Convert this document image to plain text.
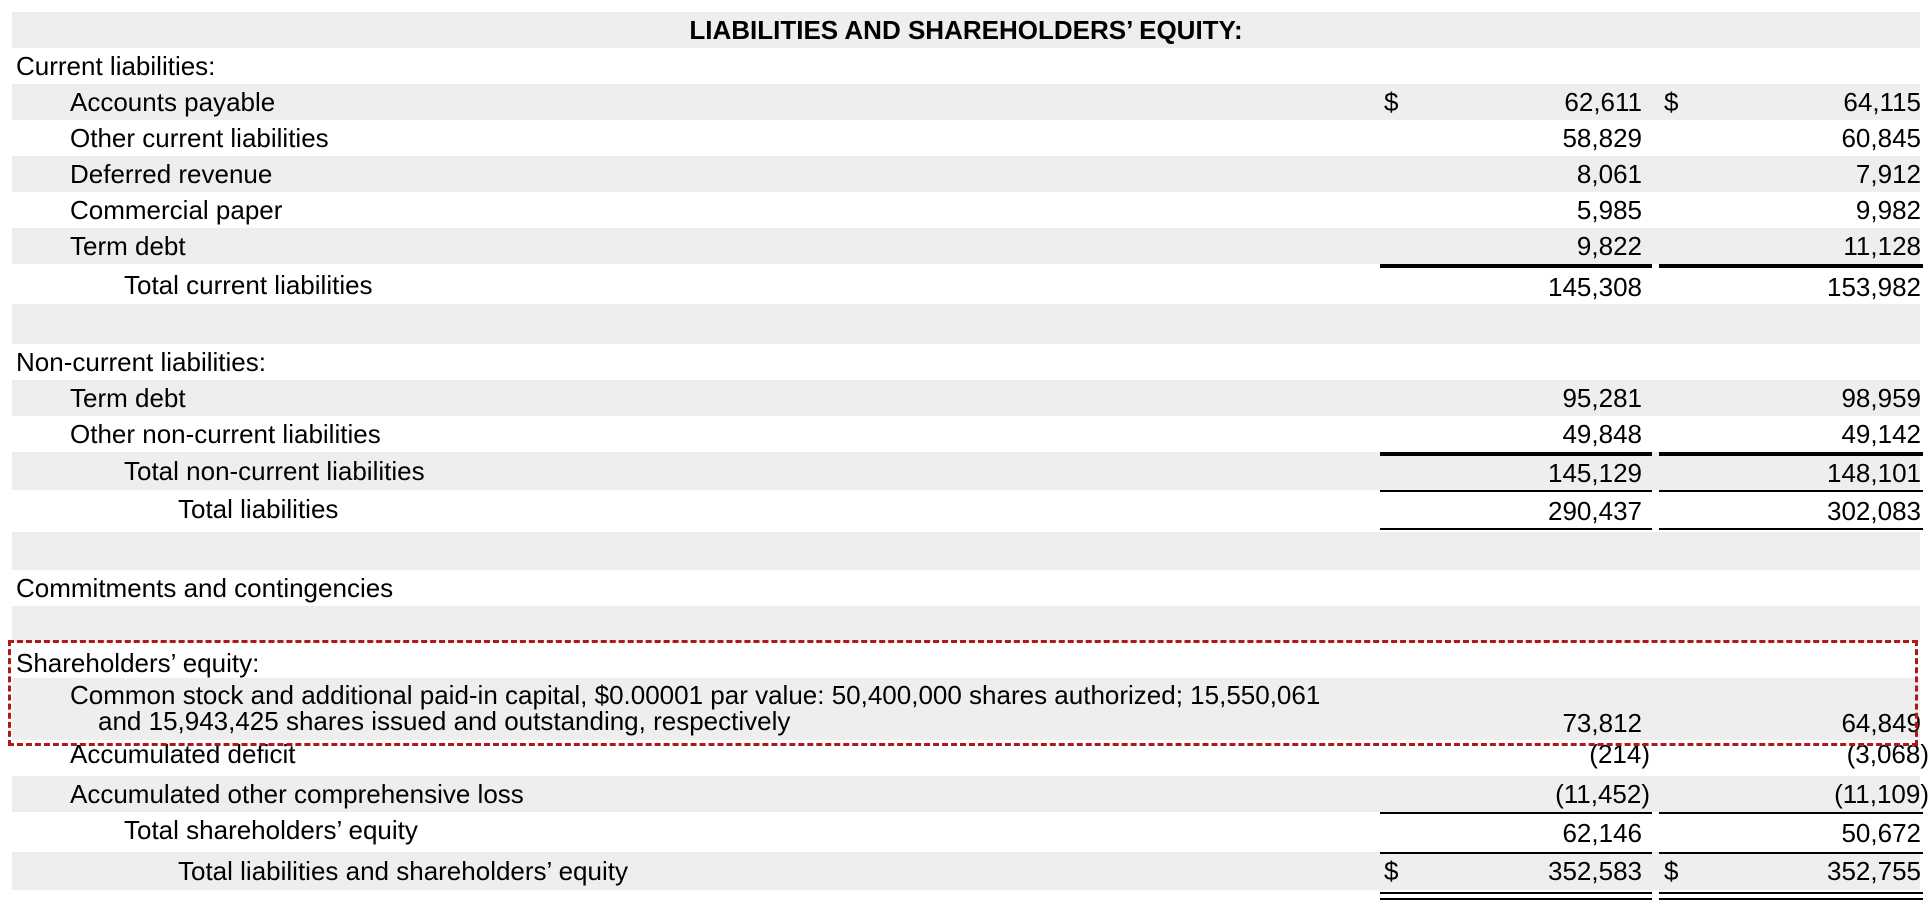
LIABILITIES AND SHAREHOLDERS’ EQUITY:
Current liabilities:
Accounts payable	$	62,611 $	64,115
Other current liabilities	58,829	60,845
Deferred revenue	8,061	7,912
Commercial paper	5,985	9,982
Term debt	9,822	11,128
Total current liabilities	145,308	153,982
Non-current liabilities:
Term debt	95,281	98,959
Other non-current liabilities	49,848	49,142
Total non-current liabilities	145,129	148,101
Total liabilities	290,437	302,083
Commitments and contingencies
Shareholders’ equity:
Common stock and additional paid-in capital, $0.00001 par value: 50,400,000 shares authorized; 15,550,061
and 15,943,425 shares issued and outstanding, respectively	73,812	64,849
Accumulated deficit	(214)	(3,068)
Accumulated other comprehensive loss	(11,452)	(11,109)
Total shareholders’ equity	62,146	50,672
Total liabilities and shareholders’ equity	$	352,583 $	352,755
